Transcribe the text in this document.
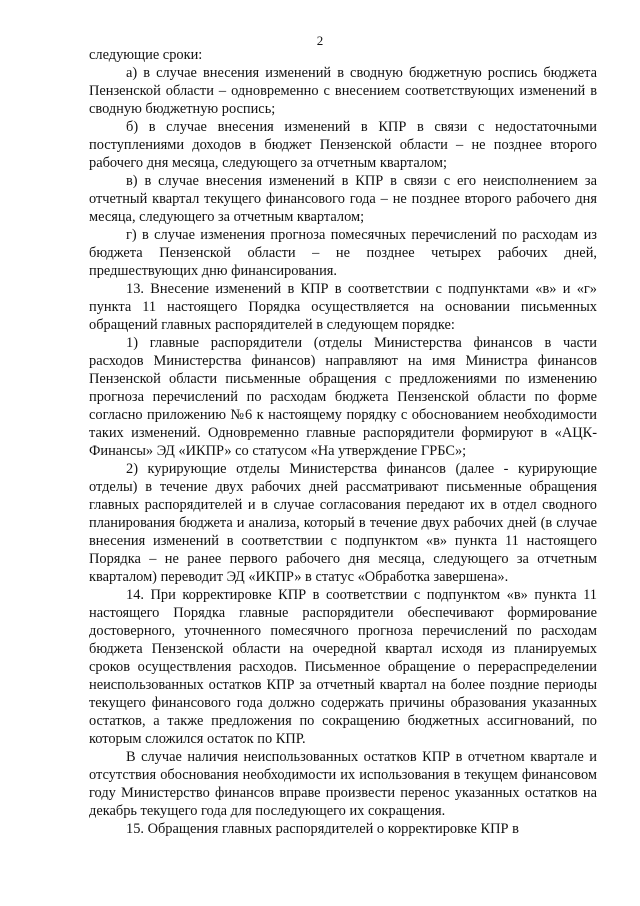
2

следующие сроки:

а) в случае внесения изменений в сводную бюджетную роспись бюджета Пензенской области – одновременно с внесением соответствующих изменений в сводную бюджетную роспись;

б) в случае внесения изменений в КПР в связи с недостаточными поступлениями доходов в бюджет Пензенской области – не позднее второго рабочего дня месяца, следующего за отчетным кварталом;

в) в случае внесения изменений в КПР в связи с его неисполнением за отчетный квартал текущего финансового года – не позднее второго рабочего дня месяца, следующего за отчетным кварталом;

г) в случае изменения прогноза помесячных перечислений по расходам из бюджета Пензенской области – не позднее четырех рабочих дней, предшествующих дню финансирования.

13. Внесение изменений в КПР в соответствии с подпунктами «в» и «г» пункта 11 настоящего Порядка осуществляется на основании письменных обращений главных распорядителей в следующем порядке:

1) главные распорядители (отделы Министерства финансов в части расходов Министерства финансов) направляют на имя Министра финансов Пензенской области письменные обращения с предложениями по изменению прогноза перечислений по расходам бюджета Пензенской области по форме согласно приложению №6 к настоящему порядку с обоснованием необходимости таких изменений. Одновременно главные распорядители формируют в «АЦК-Финансы» ЭД «ИКПР» со статусом «На утверждение ГРБС»;

2) курирующие отделы Министерства финансов (далее - курирующие отделы) в течение двух рабочих дней рассматривают письменные обращения главных распорядителей и в случае согласования передают их в отдел сводного планирования бюджета и анализа, который в течение двух рабочих дней (в случае внесения изменений в соответствии с подпунктом «в» пункта 11 настоящего Порядка – не ранее первого рабочего дня месяца, следующего за отчетным кварталом) переводит ЭД «ИКПР» в статус «Обработка завершена».

14. При корректировке КПР в соответствии с подпунктом «в» пункта 11 настоящего Порядка главные распорядители обеспечивают формирование достоверного, уточненного помесячного прогноза перечислений по расходам бюджета Пензенской области на очередной квартал исходя из планируемых сроков осуществления расходов. Письменное обращение о перераспределении неиспользованных остатков КПР за отчетный квартал на более поздние периоды текущего финансового года должно содержать причины образования указанных остатков, а также предложения по сокращению бюджетных ассигнований, по которым сложился остаток по КПР.

В случае наличия неиспользованных остатков КПР в отчетном квартале и отсутствия обоснования необходимости их использования в текущем финансовом году Министерство финансов вправе произвести перенос указанных остатков на декабрь текущего года для последующего их сокращения.

15. Обращения главных распорядителей о корректировке КПР в
